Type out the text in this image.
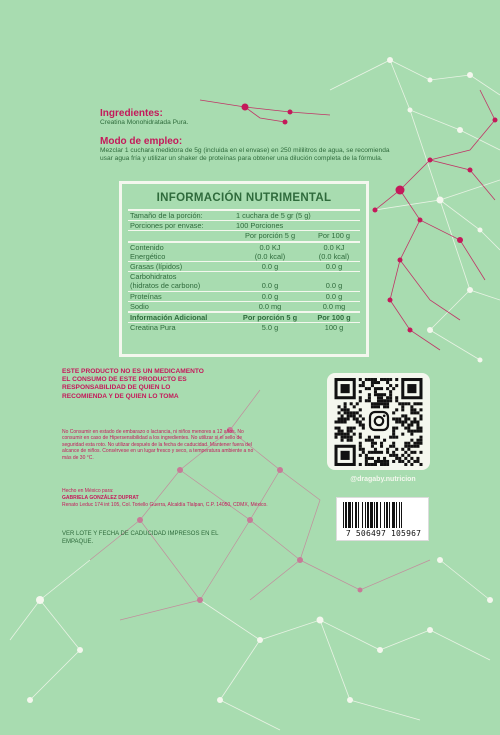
Ingredientes:

Creatina Monohidratada Pura.

Modo de empleo:

Mezclar 1 cuchara medidora de 5g (incluida en el envase) en 250 mililitros de agua, se recomienda usar agua fría y utilizar un shaker de proteínas para obtener una dilución completa de la fórmula.

INFORMACIÓN NUTRIMENTAL
Tamaño de la porción:	1 cuchara de 5 gr (5 g)
Porciones por envase:	100 Porciones
Por porción 5 g	Por 100 g
Contenido	0.0 KJ	0.0 KJ
Energético	(0.0 kcal)	(0.0 kcal)
Grasas (lípidos)	0.0 g	0.0 g
Carbohidratos
(hidratos de carbono)	0.0 g	0.0 g
Proteínas	0.0 g	0.0 g
Sodio	0.0 mg	0.0 mg
Información Adicional	Por porción 5 g	Por 100 g
Creatina Pura	5.0 g	100 g
ESTE PRODUCTO NO ES UN MEDICAMENTO
EL CONSUMO DE ESTE PRODUCTO ES
RESPONSABILIDAD DE QUIEN LO
RECOMIENDA Y DE QUIEN LO TOMA
No Consumir en estado de embarazo o lactancia, ni niños menores a 12 años. No consumir en caso de Hipersensibilidad a los ingredientes. No utilizar si el sello de seguridad esta roto. No utilizar después de la fecha de caducidad. Mantener fuera del alcance de niños. Consérvese en un lugar fresco y seco, a temperatura ambiente a no más de 30 °C.
Hecho en México para:
GABRIELA GONZÁLEZ DUPRAT
Renato Leduc 174 int 105, Col. Toriello Guerra, Alcaldía Tlalpan, C.P. 14050, CDMX, México.
VER LOTE Y FECHA DE CADUCIDAD IMPRESOS EN EL EMPAQUE.
@dragaby.nutricion
7 506497 105967
